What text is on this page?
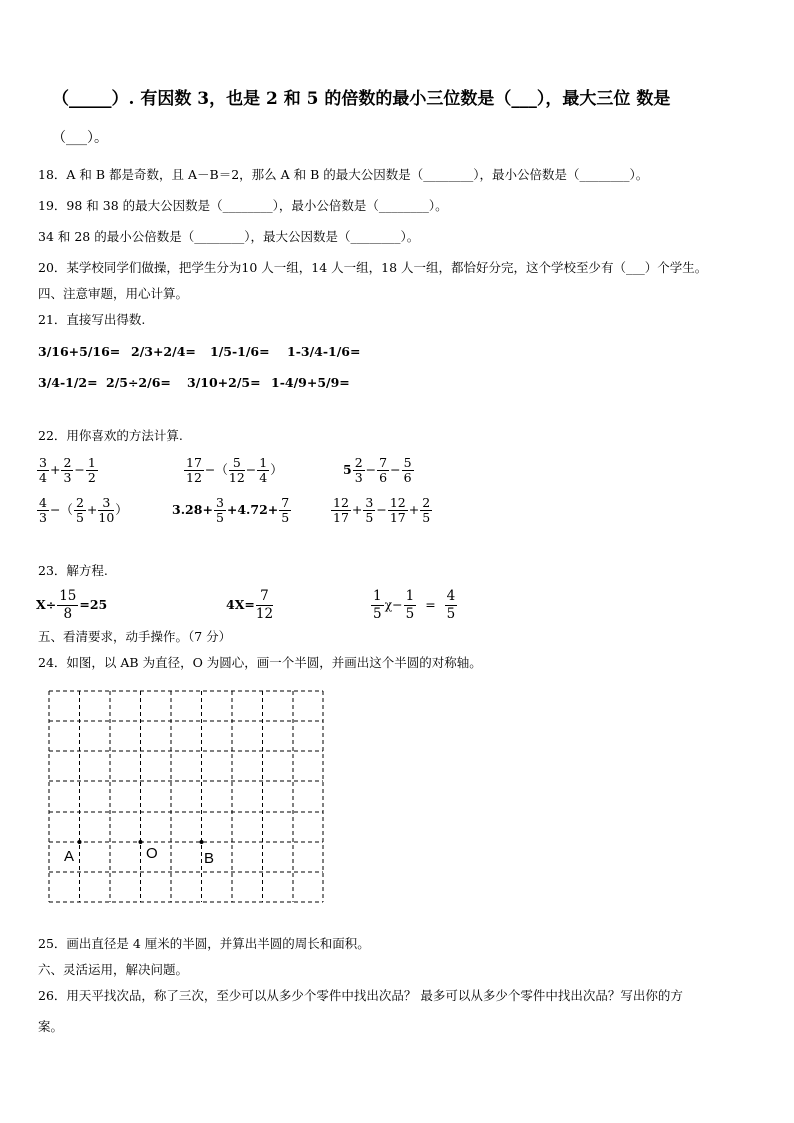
（_____）. 有因数 3，也是 2 和 5 的倍数的最小三位数是（___），最大三位 数是
（___）。
18．A 和 B 都是奇数，且 A－B＝2，那么 A 和 B 的最大公因数是（________），最小公倍数是（________）。
19．98 和 38 的最大公因数是（________），最小公倍数是（________）。
34 和 28 的最小公倍数是（________），最大公因数是（________）。
20．某学校同学们做操，把学生分为10 人一组，14 人一组，18 人一组，都恰好分完，这个学校至少有（___）个学生。
四、注意审题，用心计算。
21．直接写出得数.
3/16+5/16= 2/3+2/4= 1/5-1/6= 1-3/4-1/6=
3/4-1/2= 2/5÷2/6= 3/10+2/5= 1-4/9+5/9=
22．用你喜欢的方法计算.
$\frac{3}{4} + \frac{2}{3} - \frac{1}{2}$	$\frac{17}{12}$ −（ $\frac{5}{12} - \frac{1}{4}$ ）	$5 \frac{2}{3} - \frac{7}{6} - \frac{5}{6}$
$\frac{4}{3}$ −（ $\frac{2}{5} + \frac{3}{10}$ ）	$3.28+ \frac{3}{5} +4.72+ \frac{7}{5}$	$\frac{12}{17} + \frac{3}{5} - \frac{12}{17} + \frac{2}{5}$
23．解方程.
$X\div \frac{15}{8} =25$	$4X= \frac{7}{12}$	$\frac{1}{5} \chi- \frac{1}{5} = \frac{4}{5}$
五、看清要求，动手操作。（7 分）
24．如图，以 AB 为直径，O 为圆心，画一个半圆，并画出这个半圆的对称轴。
A	O	B
25．画出直径是 4 厘米的半圆，并算出半圆的周长和面积。
六、灵活运用，解决问题。
26．用天平找次品，称了三次，至少可以从多少个零件中找出次品？ 最多可以从多少个零件中找出次品？写出你的方
案。
